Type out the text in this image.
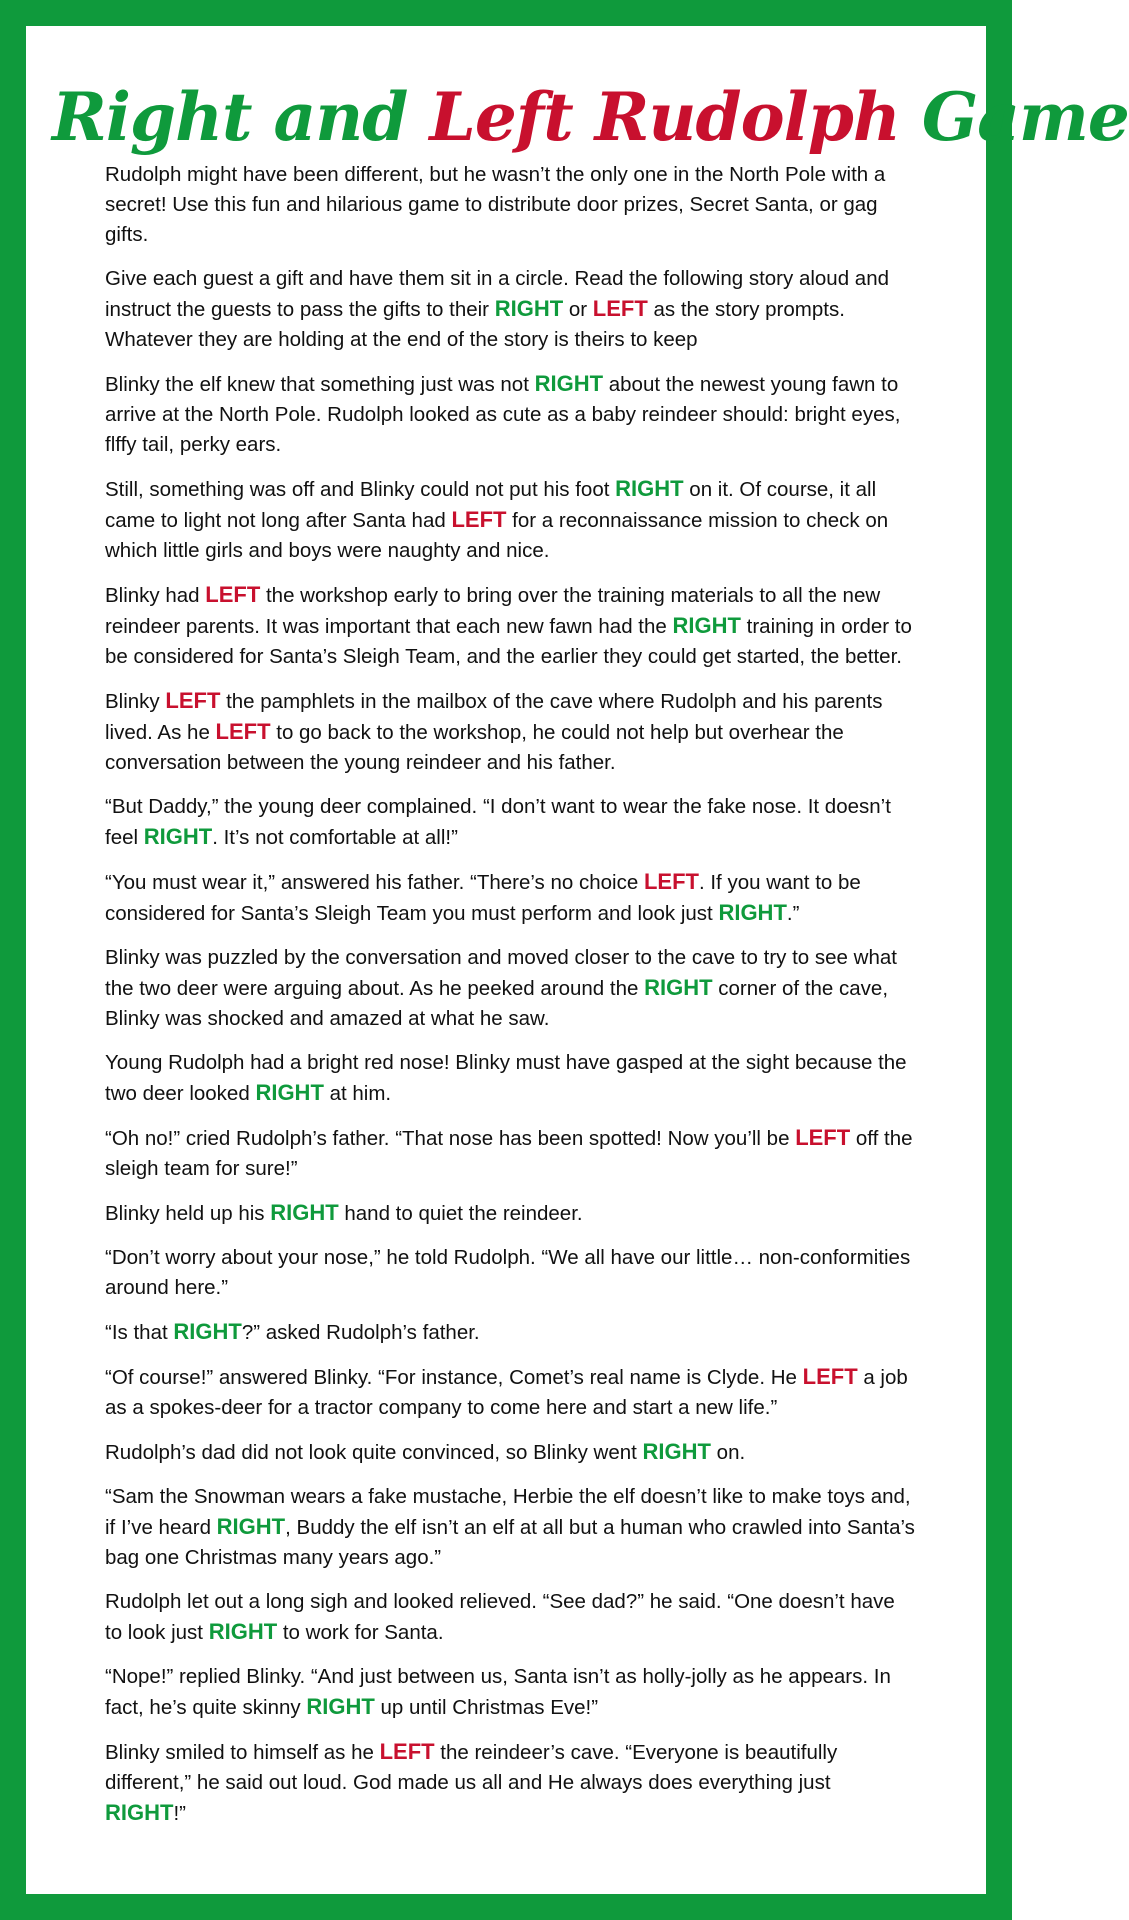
Right and Left Rudolph Game

Rudolph might have been different, but he wasn’t the only one in the North Pole with a secret! Use this fun and hilarious game to distribute door prizes, Secret Santa, or gag gifts.

Give each guest a gift and have them sit in a circle. Read the following story aloud and instruct the guests to pass the gifts to their RIGHT or LEFT as the story prompts. Whatever they are holding at the end of the story is theirs to keep

Blinky the elf knew that something just was not RIGHT about the newest young fawn to arrive at the North Pole. Rudolph looked as cute as a baby reindeer should: bright eyes, flffy tail, perky ears.

Still, something was off and Blinky could not put his foot RIGHT on it. Of course, it all came to light not long after Santa had LEFT for a reconnaissance mission to check on which little girls and boys were naughty and nice.

Blinky had LEFT the workshop early to bring over the training materials to all the new reindeer parents. It was important that each new fawn had the RIGHT training in order to be considered for Santa’s Sleigh Team, and the earlier they could get started, the better.

Blinky LEFT the pamphlets in the mailbox of the cave where Rudolph and his parents lived. As he LEFT to go back to the workshop, he could not help but overhear the conversation between the young reindeer and his father.

“But Daddy,” the young deer complained. “I don’t want to wear the fake nose. It doesn’t feel RIGHT. It’s not comfortable at all!”

“You must wear it,” answered his father. “There’s no choice LEFT. If you want to be considered for Santa’s Sleigh Team you must perform and look just RIGHT.”

Blinky was puzzled by the conversation and moved closer to the cave to try to see what the two deer were arguing about. As he peeked around the RIGHT corner of the cave, Blinky was shocked and amazed at what he saw.

Young Rudolph had a bright red nose! Blinky must have gasped at the sight because the two deer looked RIGHT at him.

“Oh no!” cried Rudolph’s father. “That nose has been spotted! Now you’ll be LEFT off the sleigh team for sure!”

Blinky held up his RIGHT hand to quiet the reindeer.

“Don’t worry about your nose,” he told Rudolph. “We all have our little… non-conformities around here.”

“Is that RIGHT?” asked Rudolph’s father.

“Of course!” answered Blinky. “For instance, Comet’s real name is Clyde. He LEFT a job as a spokes-deer for a tractor company to come here and start a new life.”

Rudolph’s dad did not look quite convinced, so Blinky went RIGHT on.

“Sam the Snowman wears a fake mustache, Herbie the elf doesn’t like to make toys and, if I’ve heard RIGHT, Buddy the elf isn’t an elf at all but a human who crawled into Santa’s bag one Christmas many years ago.”

Rudolph let out a long sigh and looked relieved. “See dad?” he said. “One doesn’t have to look just RIGHT to work for Santa.

“Nope!” replied Blinky. “And just between us, Santa isn’t as holly-jolly as he appears. In fact, he’s quite skinny RIGHT up until Christmas Eve!”

Blinky smiled to himself as he LEFT the reindeer’s cave. “Everyone is beautifully different,” he said out loud. God made us all and He always does everything just RIGHT!”
